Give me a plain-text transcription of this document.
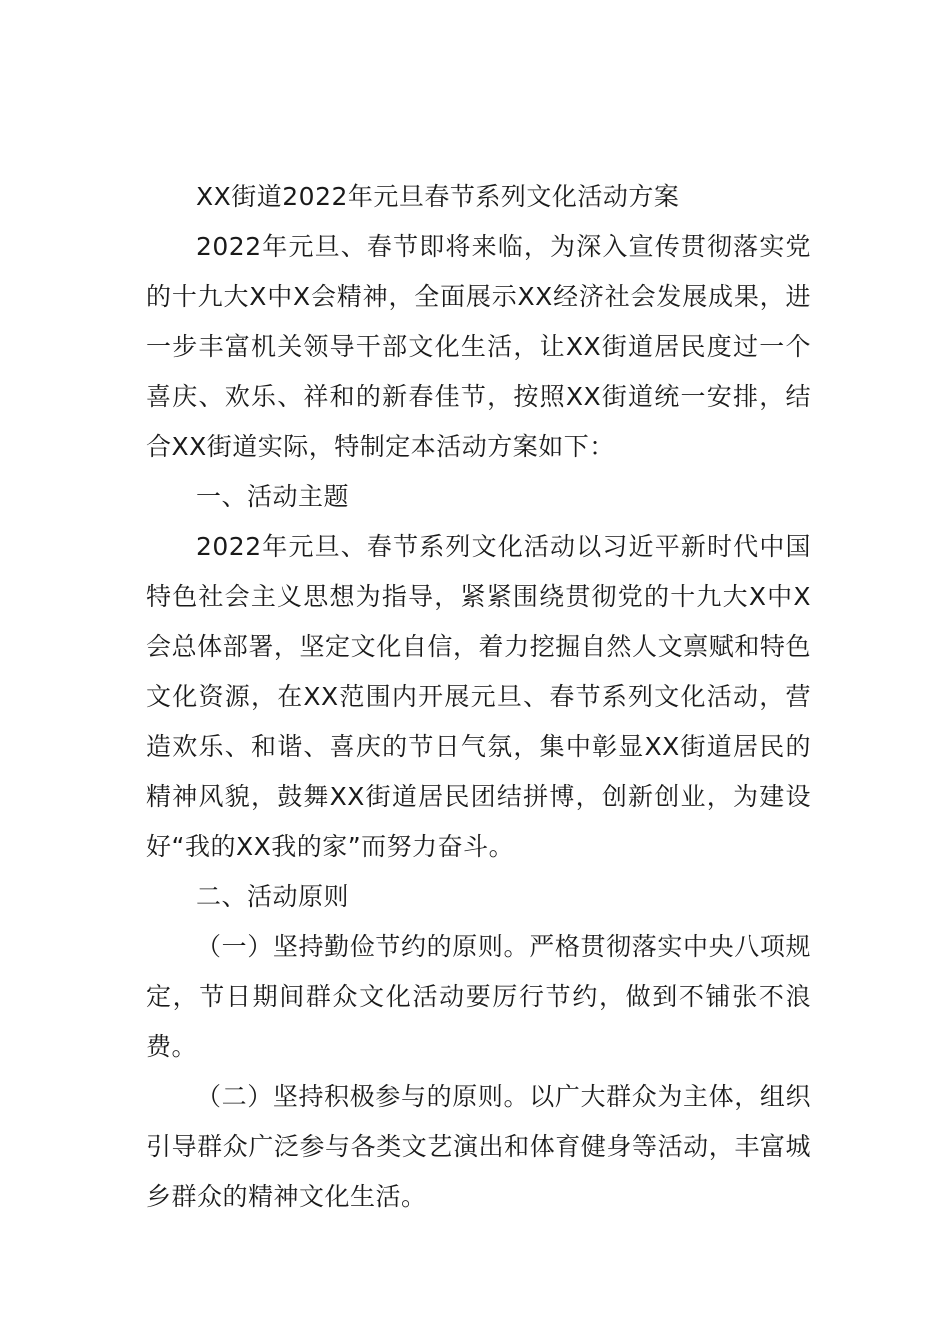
XX街道2022年元旦春节系列文化活动方案

2022年元旦、春节即将来临，为深入宣传贯彻落实党的十九大X中X会精神，全面展示XX经济社会发展成果，进一步丰富机关领导干部文化生活，让XX街道居民度过一个喜庆、欢乐、祥和的新春佳节，按照XX街道统一安排，结合XX街道实际，特制定本活动方案如下：

一、活动主题

2022年元旦、春节系列文化活动以习近平新时代中国特色社会主义思想为指导，紧紧围绕贯彻党的十九大X中X会总体部署，坚定文化自信，着力挖掘自然人文禀赋和特色文化资源，在XX范围内开展元旦、春节系列文化活动，营造欢乐、和谐、喜庆的节日气氛，集中彰显XX街道居民的精神风貌，鼓舞XX街道居民团结拼博，创新创业，为建设好“我的XX我的家”而努力奋斗。

二、活动原则

（一）坚持勤俭节约的原则。严格贯彻落实中央八项规定，节日期间群众文化活动要厉行节约，做到不铺张不浪费。

（二）坚持积极参与的原则。以广大群众为主体，组织引导群众广泛参与各类文艺演出和体育健身等活动，丰富城乡群众的精神文化生活。
